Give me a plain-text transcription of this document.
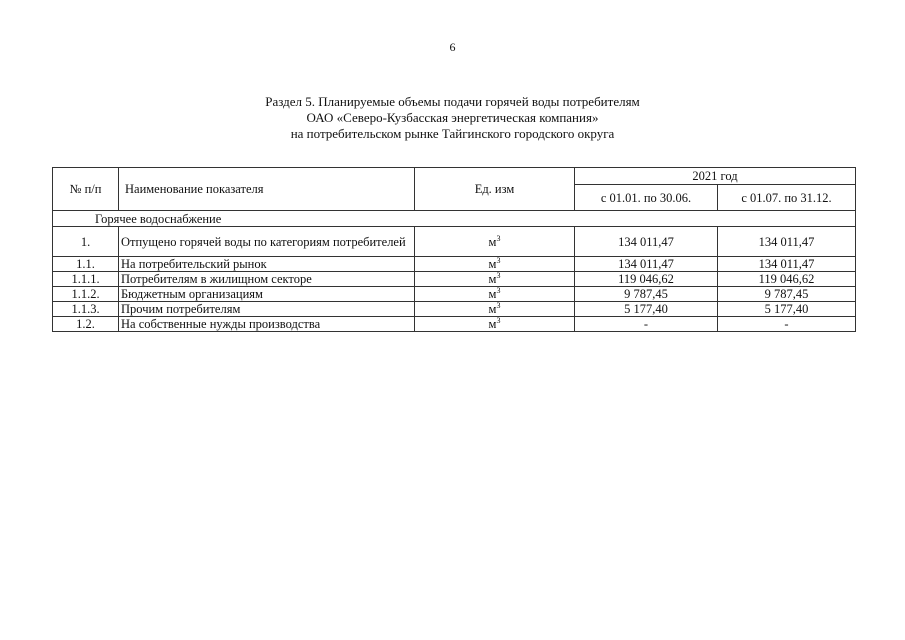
6
Раздел 5. Планируемые объемы подачи горячей воды потребителям
ОАО «Северо-Кузбасская энергетическая компания»
на потребительском рынке Тайгинского городского округа
№ п/п	Наименование показателя	Ед. изм	2021 год	
			с 01.01. по 30.06.	с 01.07. по 31.12.
Горячее водоснабжение				
1.	Отпущено горячей воды по категориям потребителей	$м^3$	134 011,47	134 011,47
1.1.	На потребительский рынок	$м^3$	134 011,47	134 011,47
1.1.1.	Потребителям в жилищном секторе	$м^3$	119 046,62	119 046,62
1.1.2.	Бюджетным организациям	$м^3$	9 787,45	9 787,45
1.1.3.	Прочим потребителям	$м^3$	5 177,40	5 177,40
1.2.	На собственные нужды производства	$м^3$	-	-
